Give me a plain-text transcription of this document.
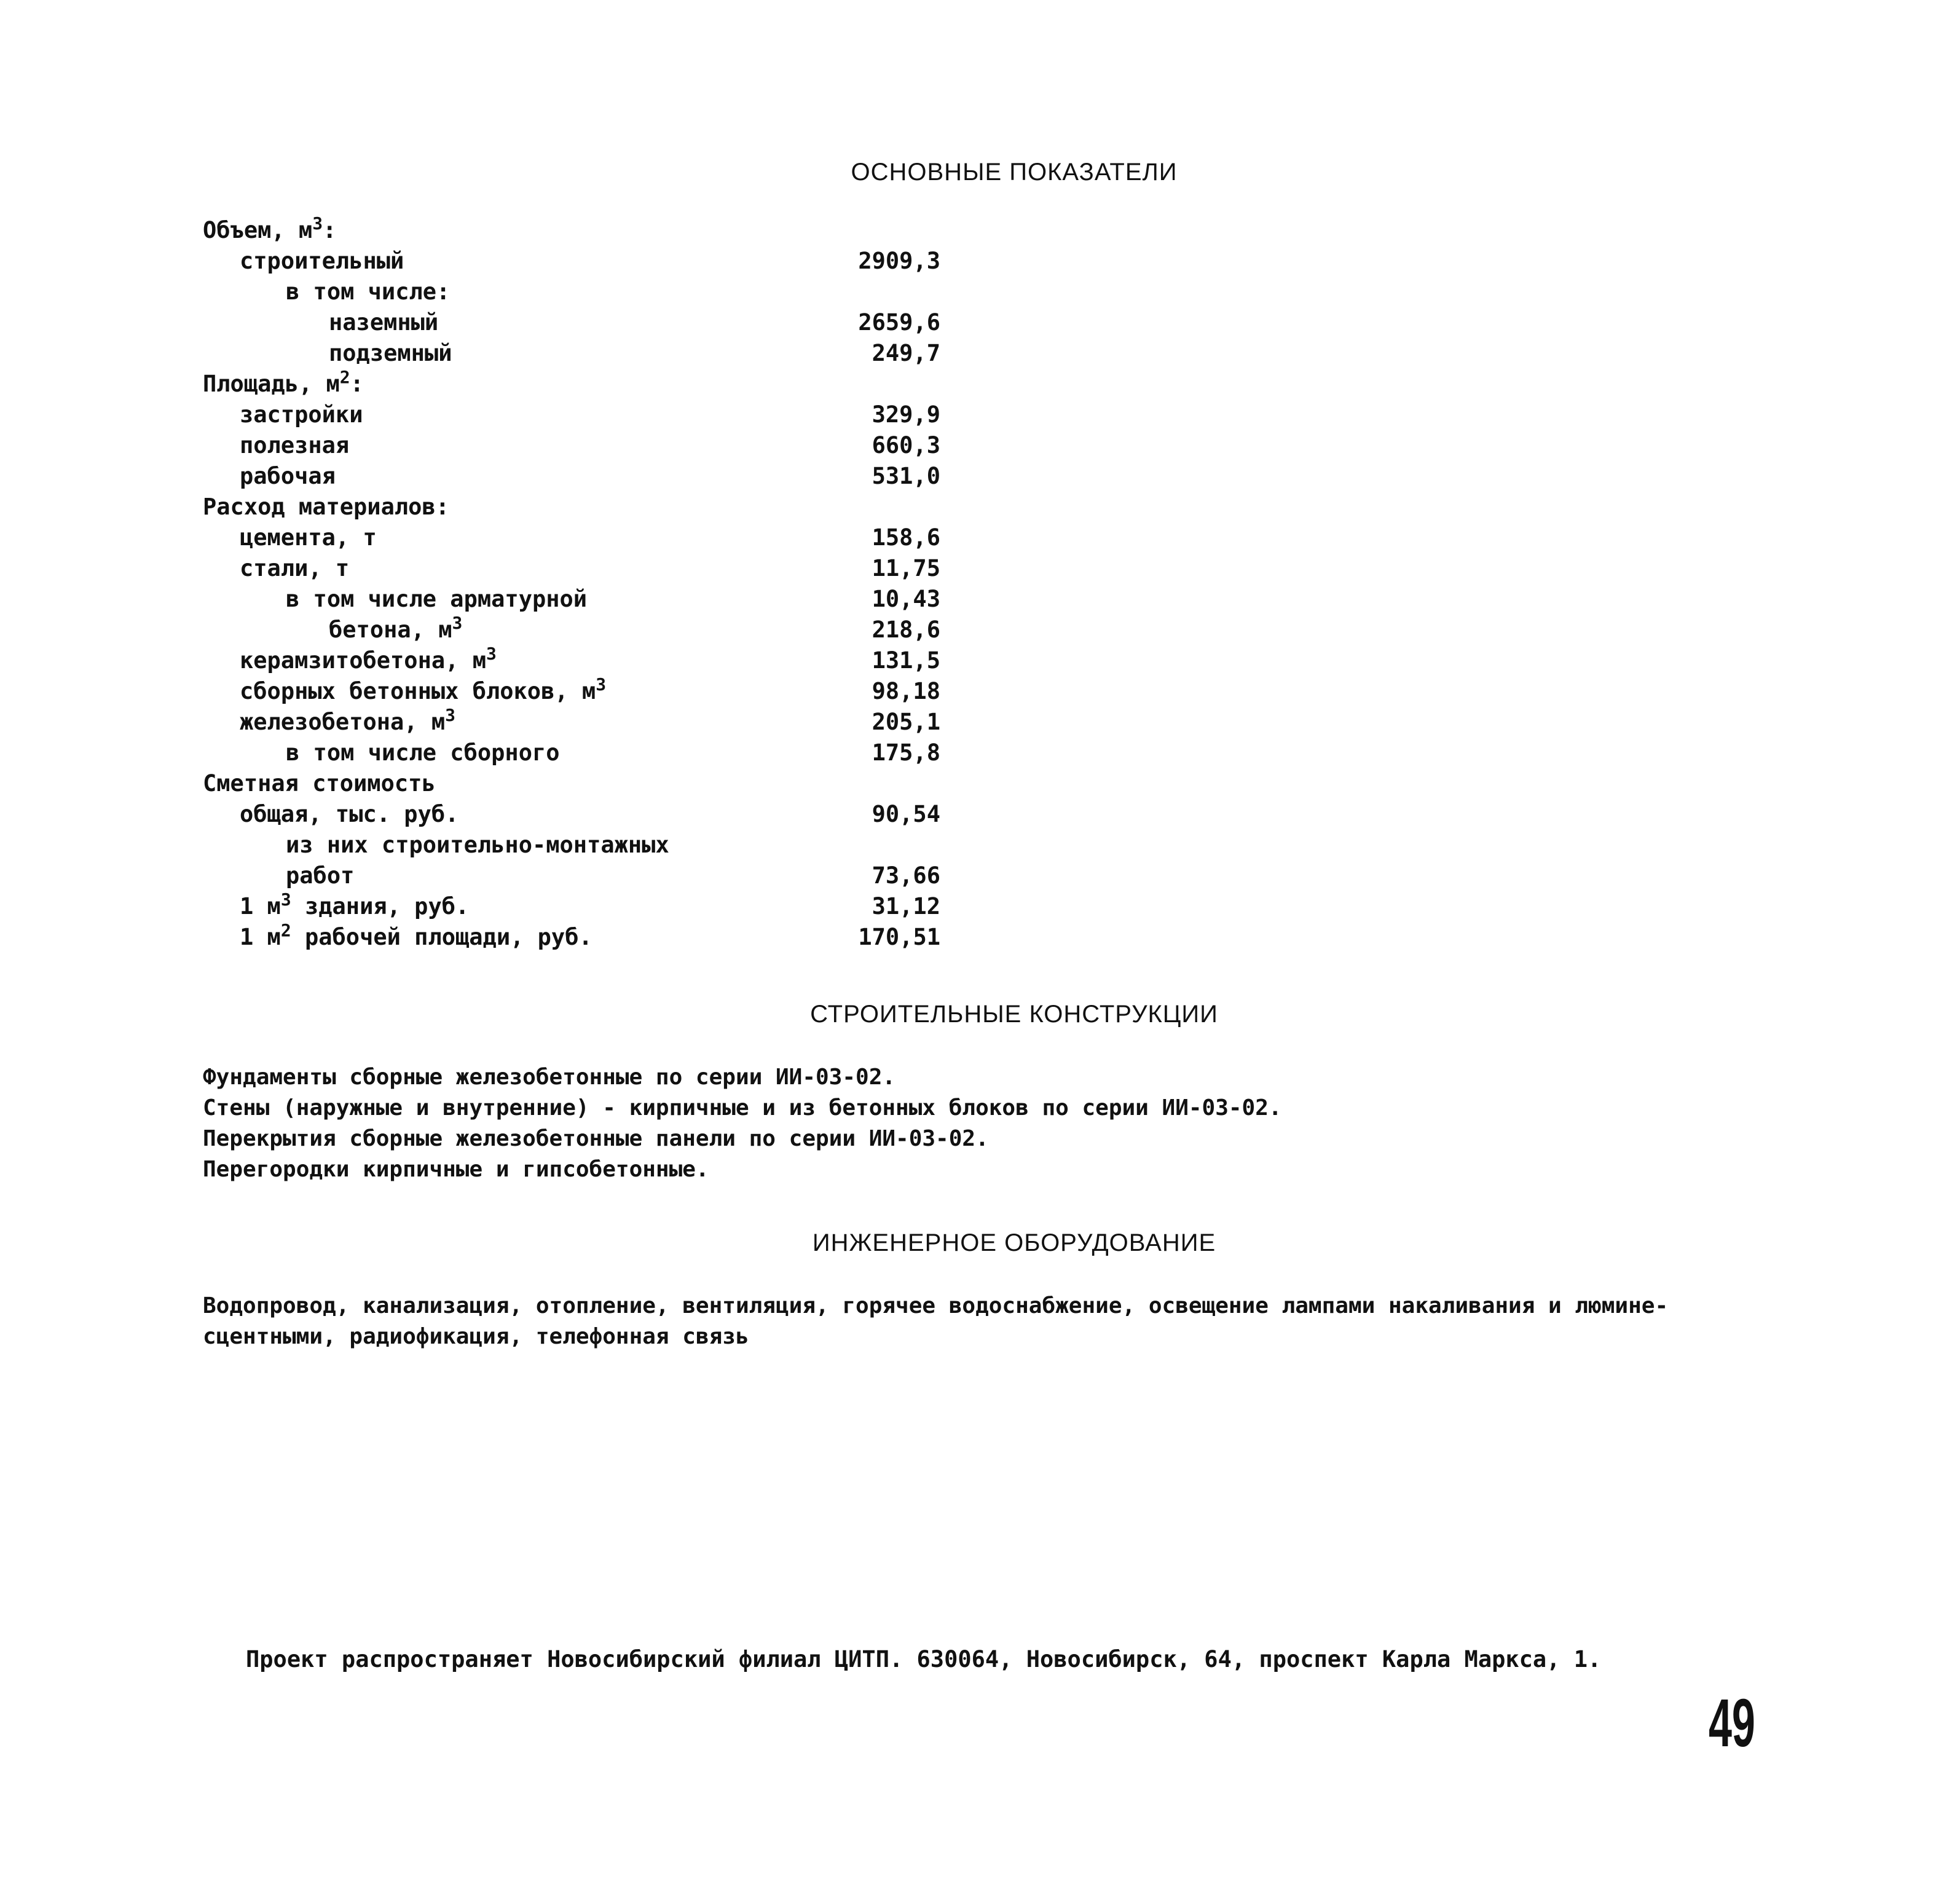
ОСНОВНЫЕ ПОКАЗАТЕЛИ
Объем, $м^3$:
строительный	2909,3
в том числе:
наземный	2659,6
подземный	249,7
Площадь, $м^2$:
застройки	329,9
полезная	660,3
рабочая	531,0
Расход материалов:
цемента, т	158,6
стали, т	11,75
в том числе арматурной	10,43
бетона, $м^3$	218,6
керамзитобетона, $м^3$	131,5
сборных бетонных блоков, $м^3$	98,18
железобетона, $м^3$	205,1
в том числе сборного	175,8
Сметная стоимость
общая, тыс. руб.	90,54
из них строительно-монтажных
работ	73,66
1 $м^3$ здания, руб.	31,12
1 $м^2$ рабочей площади, руб.	170,51
СТРОИТЕЛЬНЫЕ КОНСТРУКЦИИ

Фундаменты сборные железобетонные по серии ИИ-03-02.

Стены (наружные и внутренние) - кирпичные и из бетонных блоков по серии ИИ-03-02.

Перекрытия сборные железобетонные панели по серии ИИ-03-02.

Перегородки кирпичные и гипсобетонные.

ИНЖЕНЕРНОЕ ОБОРУДОВАНИЕ
Водопровод, канализация, отопление, вентиляция, горячее водоснабжение, освещение лампами накаливания и люмине- сцентными, радиофикация, телефонная связь

Проект распространяет Новосибирский филиал ЦИТП. 630064, Новосибирск, 64, проспект Карла Маркса, 1.

49
